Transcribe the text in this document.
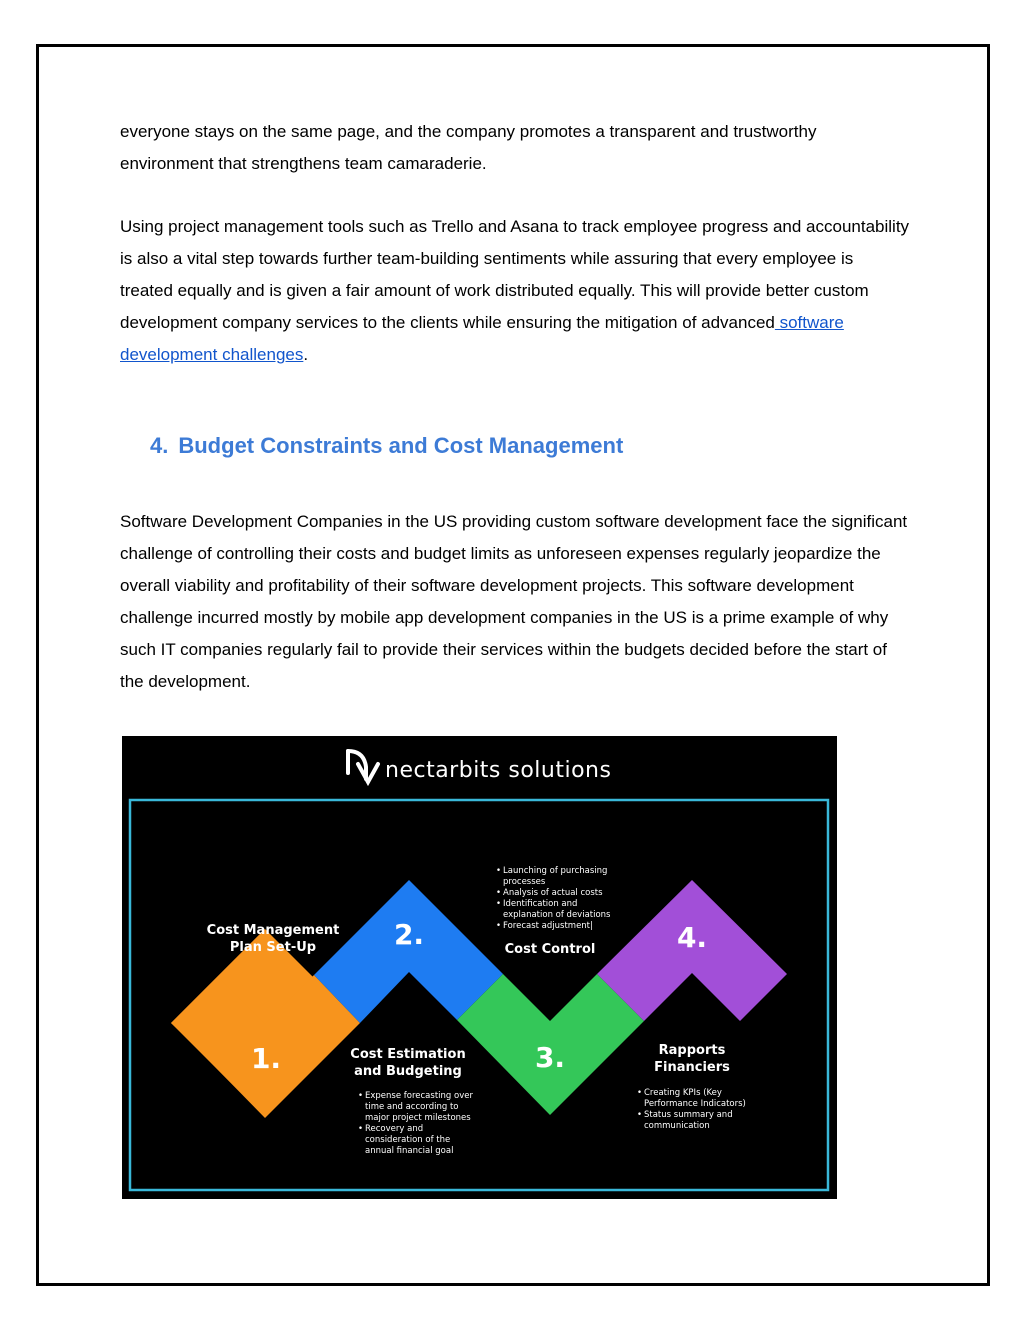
everyone stays on the same page, and the company promotes a transparent and trustworthy environment that strengthens team camaraderie.

Using project management tools such as Trello and Asana to track employee progress and accountability is also a vital step towards further team-building sentiments while assuring that every employee is treated equally and is given a fair amount of work distributed equally. This will provide better custom development company services to the clients while ensuring the mitigation of advanced software development challenges.

4. Budget Constraints and Cost Management

Software Development Companies in the US providing custom software development face the significant challenge of controlling their costs and budget limits as unforeseen expenses regularly jeopardize the overall viability and profitability of their software development projects. This software development challenge incurred mostly by mobile app development companies in the US is a prime example of why such IT companies regularly fail to provide their services within the budgets decided before the start of the development.

nectarbits solutions
1.
2.
3.
4.
Cost Management
Plan Set-Up
Cost Estimation
and Budgeting
Cost Control
Rapports
Financiers
• Launching of purchasing
processes
• Analysis of actual costs
• Identification and
explanation of deviations
• Forecast adjustment|
• Expense forecasting over
time and according to
major project milestones
• Recovery and
consideration of the
annual financial goal
• Creating KPIs (Key
Performance Indicators)
• Status summary and
communication
